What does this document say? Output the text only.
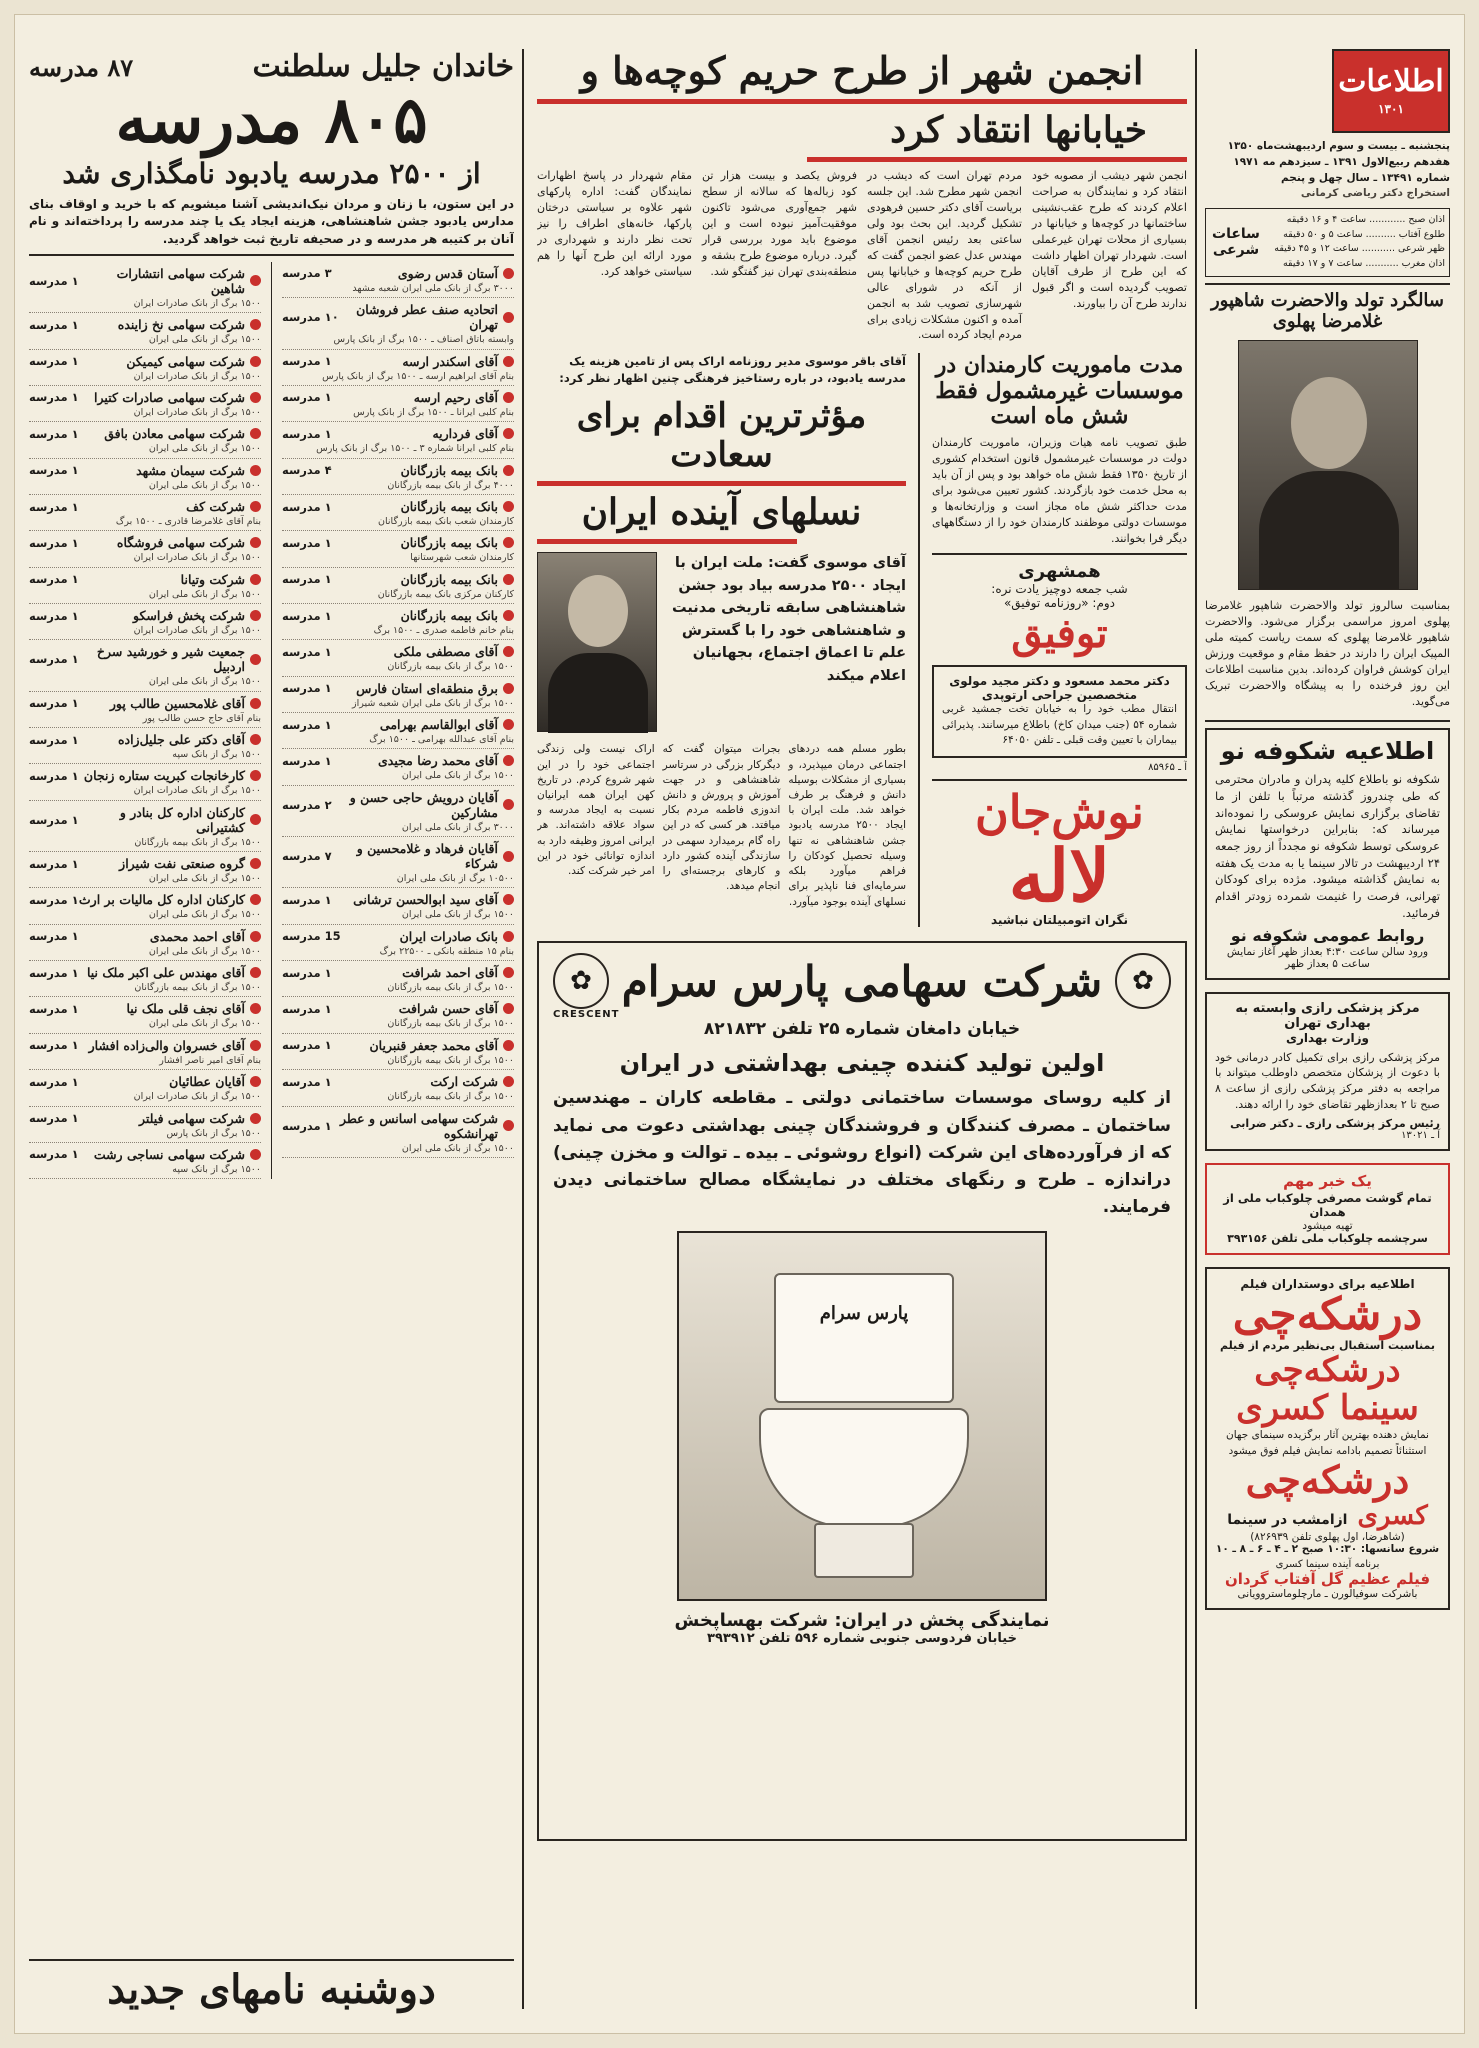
اطلاعات
۱۳۰۱
پنجشنبه ـ بیست و سوم اردیبهشت‌ماه ۱۳۵۰
هفدهم ربیع‌الاول ۱۳۹۱ ـ سیزدهم مه ۱۹۷۱
شماره ۱۳۴۹۱ ـ سال چهل و پنجم
استخراج دکتر ریاضی کرمانی
اذان صبح ............ ساعت ۴ و ۱۶ دقیقه
طلوع آفتاب .......... ساعت ۵ و ۵۰ دقیقه
ظهر شرعی ........... ساعت ۱۲ و ۴۵ دقیقه
اذان مغرب ........... ساعت ۷ و ۱۷ دقیقه
ساعات شرعی
سالگرد تولد والاحضرت شاهپور غلامرضا پهلوی

بمناسبت سالروز تولد والاحضرت شاهپور غلامرضا پهلوی امروز مراسمی برگزار می‌شود. والاحضرت شاهپور غلامرضا پهلوی که سمت ریاست کمیته ملی المپیک ایران را دارند در حفظ مقام و موقعیت ورزش ایران کوشش فراوان کرده‌اند. بدین مناسبت اطلاعات این روز فرخنده را به پیشگاه والاحضرت تبریک می‌گوید.

اطلاعیه شکوفه نو

شکوفه نو باطلاع کلیه پدران و مادران محترمی که طی چندروز گذشته مرتباً با تلفن از ما تقاضای برگزاری نمایش عروسکی را نموده‌اند میرساند که: بنابراین درخواستها نمایش عروسکی توسط شکوفه نو مجدداً از روز جمعه ۲۴ اردیبهشت در تالار سینما یا به مدت یک هفته به نمایش گذاشته میشود. مژده برای کودکان تهرانی، فرصت را غنیمت شمرده زودتر اقدام فرمائید.

روابط عمومی شکوفه نو
ورود سالن ساعت ۴:۳۰ بعداز ظهر آغاز نمایش ساعت ۵ بعداز ظهر
مرکز پزشکی رازی وابسته به بهداری تهران
وزارت بهداری

مرکز پزشکی رازی برای تکمیل کادر درمانی خود با دعوت از پزشکان متخصص داوطلب میتواند با مراجعه به دفتر مرکز پزشکی رازی از ساعت ۸ صبح تا ۲ بعدازظهر تقاضای خود را ارائه دهند.

رئیس مرکز پزشکی رازی ـ دکتر ضرابی
آ ـ ۱۳۰۲۱
یک خبر مهم
تمام گوشت مصرفی چلوکباب ملی از همدان
تهیه میشود
سرچشمه چلوکباب ملی تلفن ۳۹۳۱۵۶
اطلاعیه برای دوستداران فیلم
درشکه‌چی
بمناسبت استقبال بی‌نظیر مردم از فیلم
درشکه‌چی
سینما کسری

نمایش دهنده بهترین آثار برگزیده سینمای جهان استثنائاً تصمیم بادامه نمایش فیلم فوق میشود

درشکه‌چی
کسری
ازامشب در سینما
(شاهرضا، اول پهلوی تلفن ۸۲۶۹۳۹)
شروع سانسها: ۱۰:۳۰ صبح ۲ ـ ۴ ـ ۶ ـ ۸ ـ ۱۰
برنامه آینده سینما کسری
فیلم عظیم گل آفتاب گردان
باشرکت سوفیالورن ـ مارچلوماستروویانی
انجمن شهر از طرح حریم کوچه‌ها و
خیابانها انتقاد کرد

انجمن شهر دیشب از مصوبه خود انتقاد کرد و نمایندگان به صراحت اعلام کردند که طرح عقب‌نشینی ساختمانها در کوچه‌ها و خیابانها در بسیاری از محلات تهران غیرعملی است. شهردار تهران اظهار داشت که این طرح از طرف آقایان تصویب گردیده است و اگر قبول ندارند طرح آن را بیاورند.

مردم تهران است که دیشب در انجمن شهر مطرح شد. این جلسه بریاست آقای دکتر حسین فرهودی تشکیل گردید. این بحث بود ولی ساعتی بعد رئیس انجمن آقای مهندس عدل عضو انجمن گفت که طرح حریم کوچه‌ها و خیابانها پس از آنکه در شورای عالی شهرسازی تصویب شد به انجمن آمده و اکنون مشکلات زیادی برای مردم ایجاد کرده است.

فروش یکصد و بیست هزار تن کود زباله‌ها که سالانه از سطح شهر جمع‌آوری می‌شود تاکنون موفقیت‌آمیز نبوده است و این موضوع باید مورد بررسی قرار گیرد. درباره موضوع طرح بشقه و منطقه‌بندی تهران نیز گفتگو شد.

مقام شهردار در پاسخ اظهارات نمایندگان گفت: اداره پارکهای شهر علاوه بر سیاستی درختان پارکها، خانه‌های اطراف را نیز تحت نظر دارند و شهرداری در مورد ارائه این طرح آنها را هم سیاستی خواهد کرد.

مدت ماموریت کارمندان در موسسات غیرمشمول فقط شش ماه است

طبق تصویب نامه هیات وزیران، ماموریت کارمندان دولت در موسسات غیرمشمول قانون استخدام کشوری از تاریخ ۱۳۵۰ فقط شش ماه خواهد بود و پس از آن باید به محل خدمت خود بازگردند. کشور تعیین می‌شود برای مدت حداکثر شش ماه مجاز است و وزارتخانه‌ها و موسسات دولتی موظفند کارمندان خود را از دستگاههای دیگر فرا بخوانند.

همشهری
شب جمعه دوچیز یادت نره:
دوم: «روزنامه توفیق»
توفیق
دکتر محمد مسعود و دکتر مجید مولوی
متخصصین جراحی ارتوپدی

انتقال مطب خود را به خیابان تخت جمشید غربی شماره ۵۴ (جنب میدان کاخ) باطلاع میرسانند. پذیرائی بیماران با تعیین وقت قبلی ـ تلفن ۶۴۰۵۰

آ ـ ۸۵۹۶۵
نوش‌جان
لاله
نگران اتومبیلتان نباشید
آقای باقر موسوی مدیر روزنامه اراک پس از تامین هزینه یک مدرسه یادبود، در باره رستاخیز فرهنگی چنین اظهار نظر کرد:
مؤثرترین اقدام برای سعادت
نسلهای آینده ایران
آقای موسوی گفت: ملت ایران با ایجاد ۲۵۰۰ مدرسه بیاد بود جشن شاهنشاهی سابقه تاریخی مدنیت و شاهنشاهی خود را با گسترش علم تا اعماق اجتماع، بجهانیان اعلام میکند

بطور مسلم همه دردهای اجتماعی درمان میپذیرد، و بسیاری از مشکلات بوسیله دانش و فرهنگ بر طرف خواهد شد. ملت ایران با ایجاد ۲۵۰۰ مدرسه یادبود جشن شاهنشاهی نه تنها وسیله تحصیل کودکان را فراهم میآورد بلکه سرمایه‌ای فنا ناپذیر برای نسلهای آینده بوجود میآورد.

بجرات میتوان گفت که دیگرکار بزرگی در سرتاسر شاهنشاهی و در جهت آموزش و پرورش و دانش اندوزی فاطمه مردم بکار میافتد. هر کسی که در این راه گام برمیدارد سهمی در سازندگی آینده کشور دارد و کارهای برجسته‌ای را انجام میدهد.

اراک نیست ولی زندگی اجتماعی خود را در این شهر شروع کردم. در تاریخ کهن ایران همه ایرانیان نسبت به ایجاد مدرسه و سواد علاقه داشته‌اند. هر ایرانی امروز وظیفه دارد به اندازه توانائی خود در این امر خیر شرکت کند.

✿
شرکت سهامی پارس سرام
✿
CRESCENT
خیابان دامغان شماره ۲۵ تلفن ۸۲۱۸۳۲
اولین تولید کننده چینی بهداشتی در ایران

از کلیه روسای موسسات ساختمانی دولتی ـ مقاطعه کاران ـ مهندسین ساختمان ـ مصرف کنندگان و فروشندگان چینی بهداشتی دعوت می نماید که از فرآورده‌های این شرکت (انواع روشوئی ـ بیده ـ توالت و مخزن چینی) دراندازه ـ طرح و رنگهای مختلف در نمایشگاه مصالح ساختمانی دیدن فرمایند.

پارس سرام
نمایندگی پخش در ایران: شرکت بهساپخش
خیابان فردوسی جنوبی شماره ۵۹۶ تلفن ۳۹۳۹۱۲
خاندان جلیل سلطنت
۸۷ مدرسه
۸۰۵ مدرسه
از ۲۵۰۰ مدرسه یادبود نامگذاری شد

در این ستون، با زنان و مردان نیک‌اندیشی آشنا میشویم که با خرید و اوقاف بنای مدارس یادبود جشن شاهنشاهی، هزینه ایجاد یک یا چند مدرسه را پرداخته‌اند و نام آنان بر کتیبه هر مدرسه و در صحیفه تاریخ ثبت خواهد گردید.

آستان قدس رضوی
۳ مدرسه
۳۰۰۰ برگ از بانک ملی ایران شعبه مشهد
اتحادیه صنف عطر فروشان تهران
۱۰ مدرسه
وابسته باتاق اصناف ـ ۱۵۰۰ برگ از بانک پارس
آقای اسکندر ارسه
۱ مدرسه
بنام آقای ابراهیم ارسه ـ ۱۵۰۰ برگ از بانک پارس
آقای رحیم ارسه
۱ مدرسه
بنام کلبی ایرانا ـ ۱۵۰۰ برگ از بانک پارس
آقای فرداریه
۱ مدرسه
بنام کلبی ایرانا شماره ۳ ـ ۱۵۰۰ برگ از بانک پارس
بانک بیمه بازرگانان
۴ مدرسه
۴۰۰۰ برگ از بانک بیمه بازرگانان
بانک بیمه بازرگانان
۱ مدرسه
کارمندان شعب بانک بیمه بازرگانان
بانک بیمه بازرگانان
۱ مدرسه
کارمندان شعب شهرستانها
بانک بیمه بازرگانان
۱ مدرسه
کارکنان مرکزی بانک بیمه بازرگانان
بانک بیمه بازرگانان
۱ مدرسه
بنام خانم فاطمه صدری ـ ۱۵۰۰ برگ
آقای مصطفی ملکی
۱ مدرسه
۱۵۰۰ برگ از بانک بیمه بازرگانان
برق منطقه‌ای استان فارس
۱ مدرسه
۱۵۰۰ برگ از بانک ملی ایران شعبه شیراز
آقای ابوالقاسم بهرامی
۱ مدرسه
بنام آقای عبدالله بهرامی ـ ۱۵۰۰ برگ
آقای محمد رضا مجیدی
۱ مدرسه
۱۵۰۰ برگ از بانک ملی ایران
آقایان درویش حاجی حسن و مشارکین
۲ مدرسه
۳۰۰۰ برگ از بانک ملی ایران
آقایان فرهاد و غلامحسین و شرکاء
۷ مدرسه
۱۰۵۰۰ برگ از بانک ملی ایران
آقای سید ابوالحسن ترشانی
۱ مدرسه
۱۵۰۰ برگ از بانک ملی ایران
بانک صادرات ایران
15 مدرسه
بنام ۱۵ منطقه بانکی ـ ۲۲۵۰۰ برگ
آقای احمد شرافت
۱ مدرسه
۱۵۰۰ برگ از بانک بیمه بازرگانان
آقای حسن شرافت
۱ مدرسه
۱۵۰۰ برگ از بانک بیمه بازرگانان
آقای محمد جعفر قنبریان
۱ مدرسه
۱۵۰۰ برگ از بانک بیمه بازرگانان
شرکت ارکت
۱ مدرسه
۱۵۰۰ برگ از بانک بیمه بازرگانان
شرکت سهامی اسانس و عطر تهرانشکوه
۱ مدرسه
۱۵۰۰ برگ از بانک ملی ایران
شرکت سهامی انتشارات شاهین
۱ مدرسه
۱۵۰۰ برگ از بانک صادرات ایران
شرکت سهامی نخ زاینده
۱ مدرسه
۱۵۰۰ برگ از بانک ملی ایران
شرکت سهامی کیمیکن
۱ مدرسه
۱۵۰۰ برگ از بانک صادرات ایران
شرکت سهامی صادرات کتیرا
۱ مدرسه
۱۵۰۰ برگ از بانک صادرات ایران
شرکت سهامی معادن بافق
۱ مدرسه
۱۵۰۰ برگ از بانک ملی ایران
شرکت سیمان مشهد
۱ مدرسه
۱۵۰۰ برگ از بانک ملی ایران
شرکت کف
۱ مدرسه
بنام آقای غلامرضا قادری ـ ۱۵۰۰ برگ
شرکت سهامی فروشگاه
۱ مدرسه
۱۵۰۰ برگ از بانک صادرات ایران
شرکت وتیانا
۱ مدرسه
۱۵۰۰ برگ از بانک ملی ایران
شرکت پخش فراسکو
۱ مدرسه
۱۵۰۰ برگ از بانک صادرات ایران
جمعیت شیر و خورشید سرخ اردبیل
۱ مدرسه
۱۵۰۰ برگ از بانک ملی ایران
آقای غلامحسین طالب پور
۱ مدرسه
بنام آقای حاج حسن طالب پور
آقای دکتر علی جلیل‌زاده
۱ مدرسه
۱۵۰۰ برگ از بانک سپه
کارخانجات کبریت ستاره زنجان
۱ مدرسه
۱۵۰۰ برگ از بانک صادرات ایران
کارکنان اداره کل بنادر و کشتیرانی
۱ مدرسه
۱۵۰۰ برگ از بانک بیمه بازرگانان
گروه صنعتی نفت شیراز
۱ مدرسه
۱۵۰۰ برگ از بانک ملی ایران
کارکنان اداره کل مالیات بر ارث
۱ مدرسه
۱۵۰۰ برگ از بانک ملی ایران
آقای احمد محمدی
۱ مدرسه
۱۵۰۰ برگ از بانک ملی ایران
آقای مهندس علی اکبر ملک نیا
۱ مدرسه
۱۵۰۰ برگ از بانک بیمه بازرگانان
آقای نجف قلی ملک نیا
۱ مدرسه
۱۵۰۰ برگ از بانک ملی ایران
آقای خسروان والی‌زاده افشار
۱ مدرسه
بنام آقای امیر ناصر افشار
آقایان عطائیان
۱ مدرسه
۱۵۰۰ برگ از بانک صادرات ایران
شرکت سهامی فیلتر
۱ مدرسه
۱۵۰۰ برگ از بانک پارس
شرکت سهامی نساجی رشت
۱ مدرسه
۱۵۰۰ برگ از بانک سپه
دوشنبه نامهای جدید
